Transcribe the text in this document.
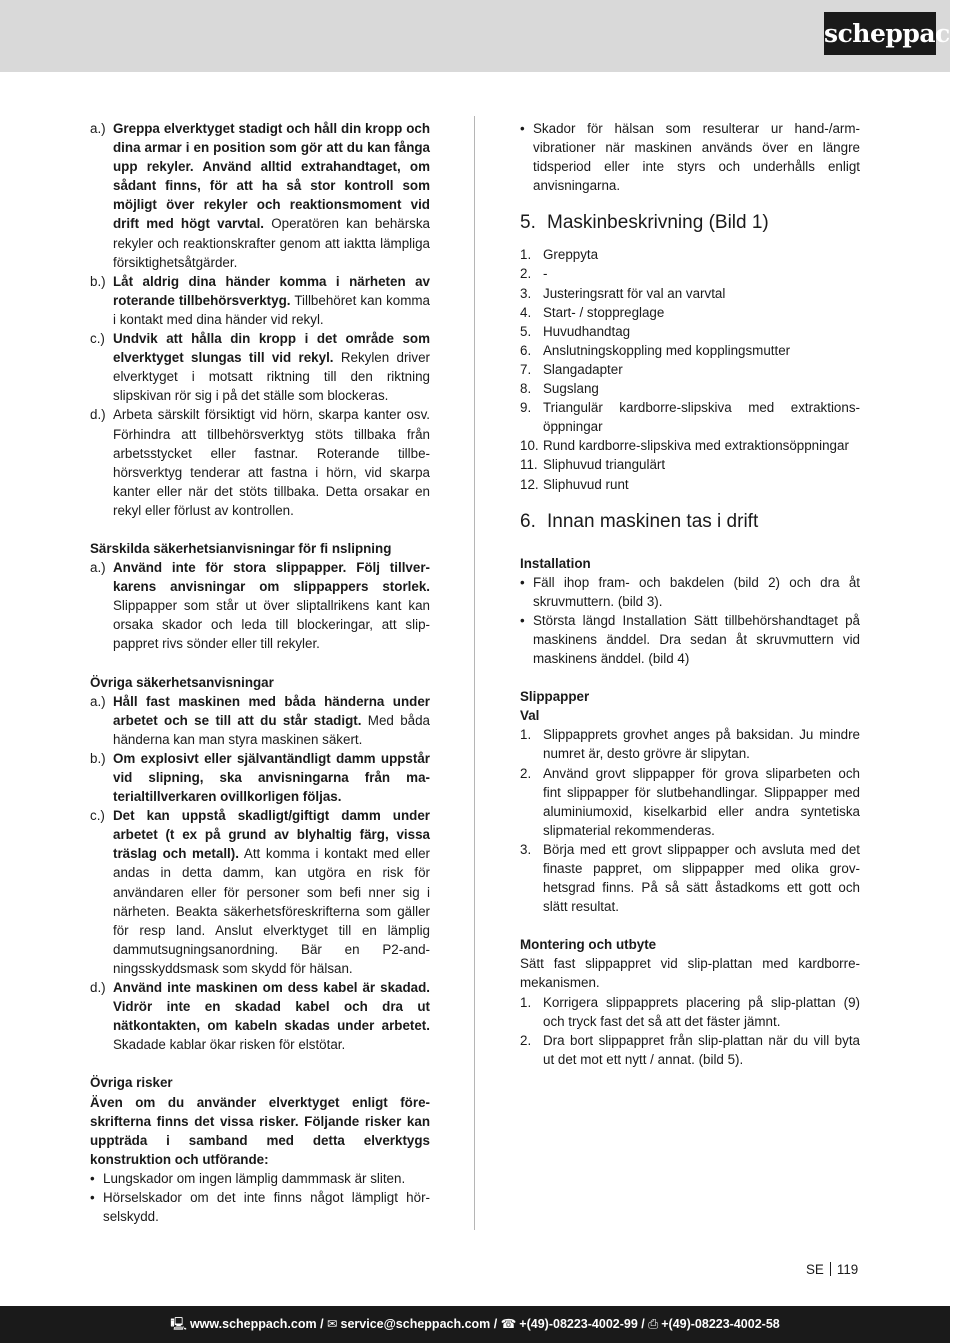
scheppach
a.) Greppa elverktyget stadigt och håll din kropp och dina armar i en position som gör att du kan fånga upp rekyler. Använd alltid extrahandtaget, om sådant finns, för att ha så stor kontroll som möjligt över rekyler och reaktionsmoment vid drift med högt varvtal. Operatören kan behärska rekyler och reaktionskrafter genom att iaktta lämpliga försiktighetsåtgärder.
b.) Låt aldrig dina händer komma i närheten av roterande tillbehörsverktyg. Tillbehöret kan komma i kontakt med dina händer vid rekyl.
c.) Undvik att hålla din kropp i det område som elverktyget slungas till vid rekyl. Rekylen driver elverktyget i motsatt riktning till den riktning slipskivan rör sig i på det ställe som blockeras.
d.) Arbeta särskilt försiktigt vid hörn, skarpa kanter osv. Förhindra att tillbehörsverktyg stöts tillbaka från arbetsstycket eller fastnar. Roterande tillbehörsverktyg tenderar att fastna i hörn, vid skarpa kanter eller när det stöts tillbaka. Detta orsakar en rekyl eller förlust av kontrollen.
Särskilda säkerhetsianvisningar för fi nslipning
a.) Använd inte för stora slippapper. Följ tillverkarens anvisningar om slippappers storlek. Slippapper som står ut över sliptallrikens kant kan orsaka skador och leda till blockeringar, att slippappret rivs sönder eller till rekyler.
Övriga säkerhetsanvisningar
a.) Håll fast maskinen med båda händerna under arbetet och se till att du står stadigt. Med båda händerna kan man styra maskinen säkert.
b.) Om explosivt eller självantändligt damm uppstår vid slipning, ska anvisningarna från materialtillverkaren ovillkorligen följas.
c.) Det kan uppstå skadligt/giftigt damm under arbetet (t ex på grund av blyhaltig färg, vissa träslag och metall). Att komma i kontakt med eller andas in detta damm, kan utgöra en risk för användaren eller för personer som befi nner sig i närheten. Beakta säkerhetsföreskrifterna som gäller för resp land. Anslut elverktyget till en lämplig dammutsugningsanordning. Bär en P2-andningsskyddsmask som skydd för hälsan.
d.) Använd inte maskinen om dess kabel är skadad. Vidrör inte en skadad kabel och dra ut nätkontakten, om kabeln skadas under arbetet. Skadade kablar ökar risken för elstötar.
Övriga risker
Även om du använder elverktyget enligt föreskrifterna finns det vissa risker. Följande risker kan uppträda i samband med detta elverktygs konstruktion och utförande:
• Lungskador om ingen lämplig dammmask är sliten.
• Hörselskador om det inte finns något lämpligt hörselskydd.
• Skador för hälsan som resulterar ur hand-/armvibrationer när maskinen används över en längre tidsperiod eller inte styrs och underhålls enligt anvisningarna.
5. Maskinbeskrivning (Bild 1)
1. Greppyta
2. -
3. Justeringsratt för val an varvtal
4. Start- / stoppreglage
5. Huvudhandtag
6. Anslutningskoppling med kopplingsmutter
7. Slangadapter
8. Sugslang
9. Triangulär kardborre-slipskiva med extraktionsöppningar
10. Rund kardborre-slipskiva med extraktionsöppningar
11. Sliphuvud triangulärt
12. Sliphuvud runt
6. Innan maskinen tas i drift
Installation
• Fäll ihop fram- och bakdelen (bild 2) och dra åt skruvmuttern. (bild 3).
• Största längd Installation Sätt tillbehörshandtaget på maskinens änddel. Dra sedan åt skruvmuttern vid maskinens änddel. (bild 4)
Slippapper
Val
1. Slippapprets grovhet anges på baksidan. Ju mindre numret är, desto grövre är slipytan.
2. Använd grovt slippapper för grova sliparbeten och fint slippapper för slutbehandlingar. Slippapper med aluminiumoxid, kiselkarbid eller andra syntetiska slipmaterial rekommenderas.
3. Börja med ett grovt slippapper och avsluta med det finaste pappret, om slippapper med olika grovhetsgrad finns. På så sätt åstadkoms ett gott och slätt resultat.
Montering och utbyte
Sätt fast slippappret vid slip-plattan med kardborre-mekanismen.
1. Korrigera slippapprets placering på slip-plattan (9) och tryck fast det så att det fäster jämnt.
2. Dra bort slippappret från slip-plattan när du vill byta ut det mot ett nytt / annat. (bild 5).
SE 119
🖳 www.scheppach.com / ✉ service@scheppach.com / ☎ +(49)-08223-4002-99 / ⎙ +(49)-08223-4002-58
